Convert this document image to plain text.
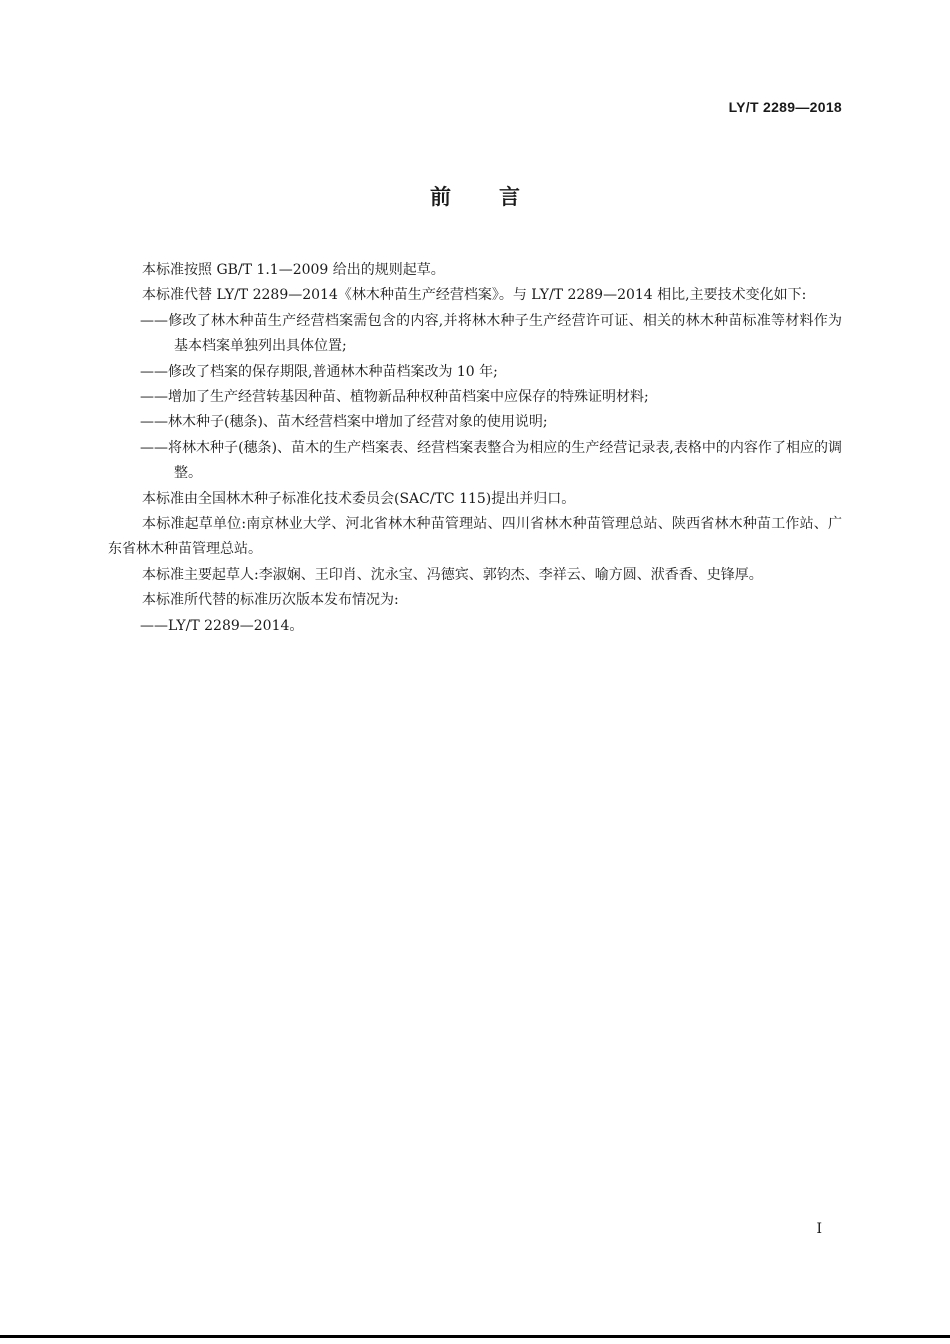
LY/T 2289—2018
前言

本标准按照 GB/T 1.1—2009 给出的规则起草。

本标准代替 LY/T 2289—2014《林木种苗生产经营档案》。与 LY/T 2289—2014 相比,主要技术变化如下:

——修改了林木种苗生产经营档案需包含的内容,并将林木种子生产经营许可证、相关的林木种苗标准等材料作为基本档案单独列出具体位置;

——修改了档案的保存期限,普通林木种苗档案改为 10 年;

——增加了生产经营转基因种苗、植物新品种权种苗档案中应保存的特殊证明材料;

——林木种子(穗条)、苗木经营档案中增加了经营对象的使用说明;

——将林木种子(穗条)、苗木的生产档案表、经营档案表整合为相应的生产经营记录表,表格中的内容作了相应的调整。

本标准由全国林木种子标准化技术委员会(SAC/TC 115)提出并归口。

本标准起草单位:南京林业大学、河北省林木种苗管理站、四川省林木种苗管理总站、陕西省林木种苗工作站、广东省林木种苗管理总站。

本标准主要起草人:李淑娴、王印肖、沈永宝、冯德宾、郭钧杰、李祥云、喻方圆、洑香香、史锋厚。

本标准所代替的标准历次版本发布情况为:

——LY/T 2289—2014。

I
